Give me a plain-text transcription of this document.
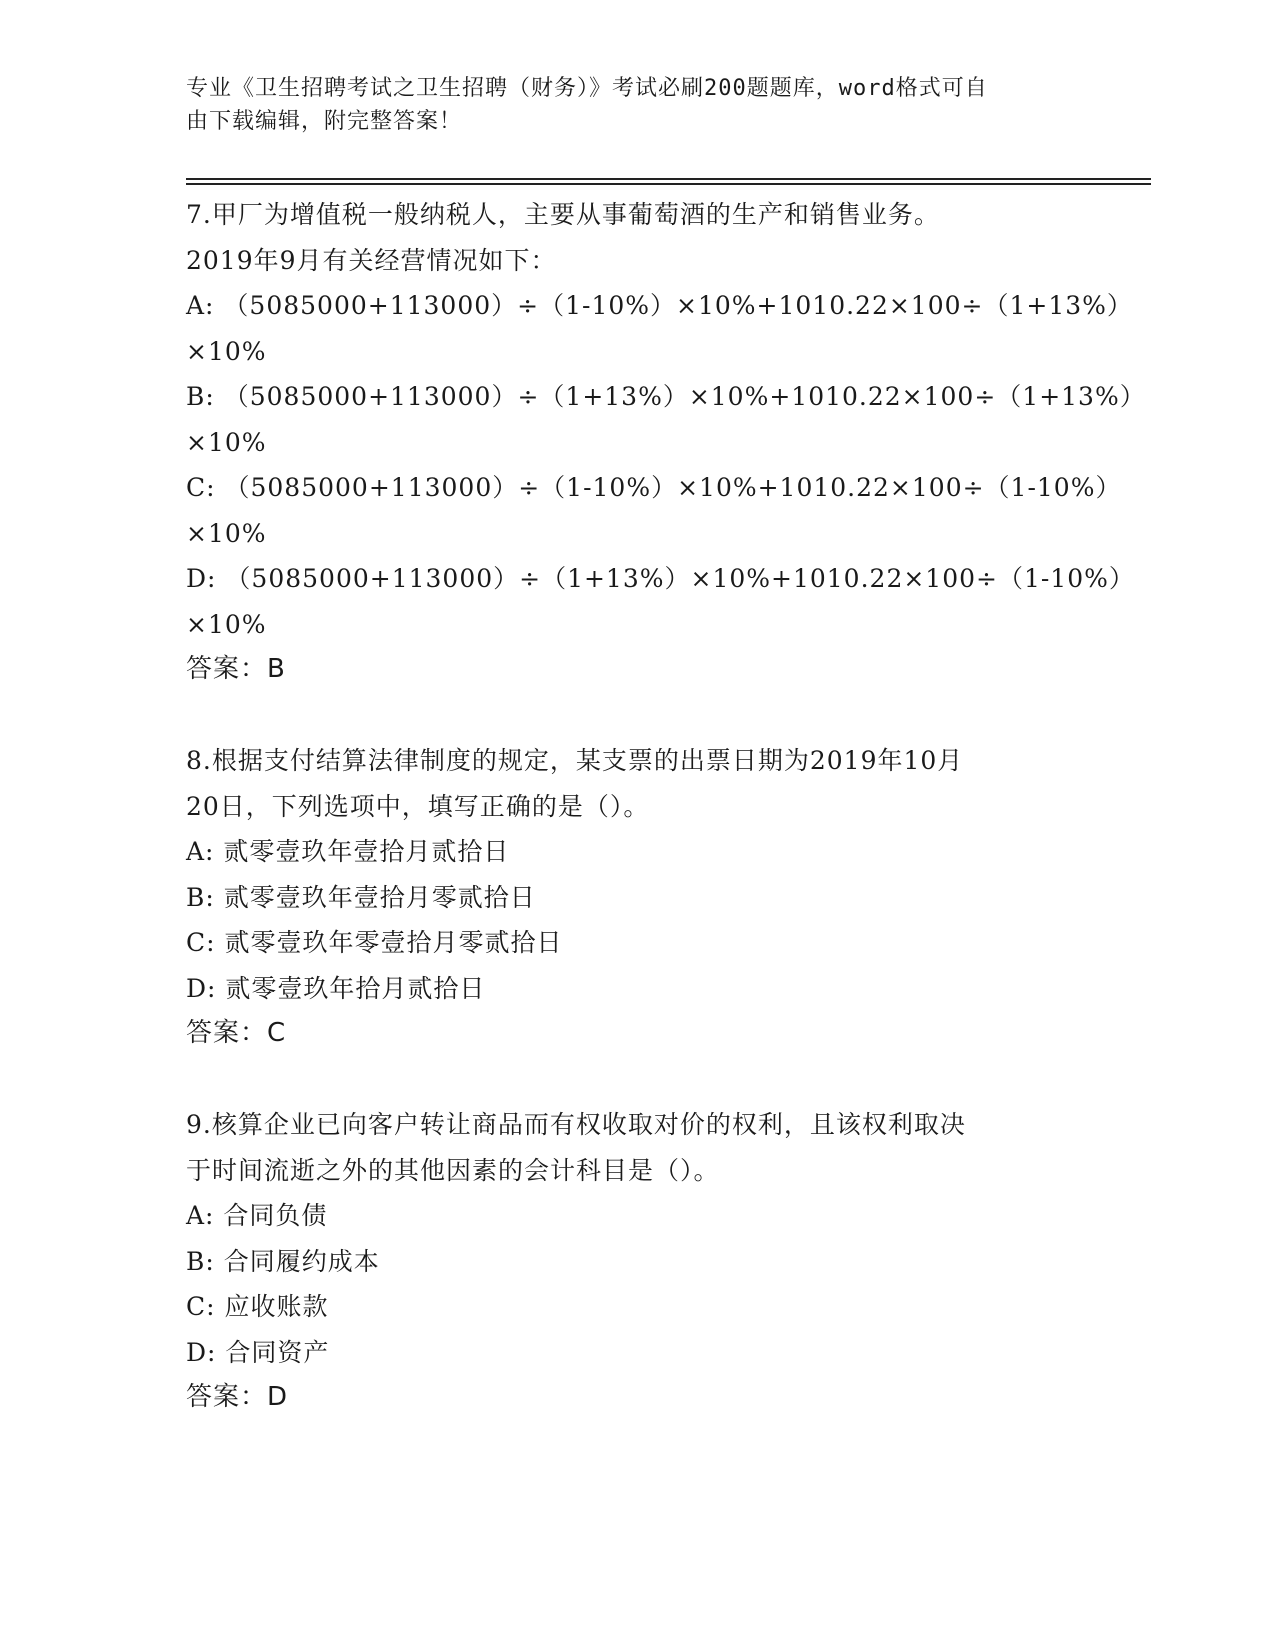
专业《卫生招聘考试之卫生招聘（财务）》考试必刷200题题库，word格式可自
由下载编辑，附完整答案！
7.甲厂为增值税一般纳税人，主要从事葡萄酒的生产和销售业务。
2019年9月有关经营情况如下：
A: （5085000+113000）÷（1-10%）×10%+1010.22×100÷（1+13%）
×10%
B: （5085000+113000）÷（1+13%）×10%+1010.22×100÷（1+13%）
×10%
C: （5085000+113000）÷（1-10%）×10%+1010.22×100÷（1-10%）
×10%
D: （5085000+113000）÷（1+13%）×10%+1010.22×100÷（1-10%）
×10%
答案：B
8.根据支付结算法律制度的规定，某支票的出票日期为2019年10月
20日，下列选项中，填写正确的是（）。
A: 贰零壹玖年壹拾月贰拾日
B: 贰零壹玖年壹拾月零贰拾日
C: 贰零壹玖年零壹拾月零贰拾日
D: 贰零壹玖年拾月贰拾日
答案：C
9.核算企业已向客户转让商品而有权收取对价的权利，且该权利取决
于时间流逝之外的其他因素的会计科目是（）。
A: 合同负债
B: 合同履约成本
C: 应收账款
D: 合同资产
答案：D
